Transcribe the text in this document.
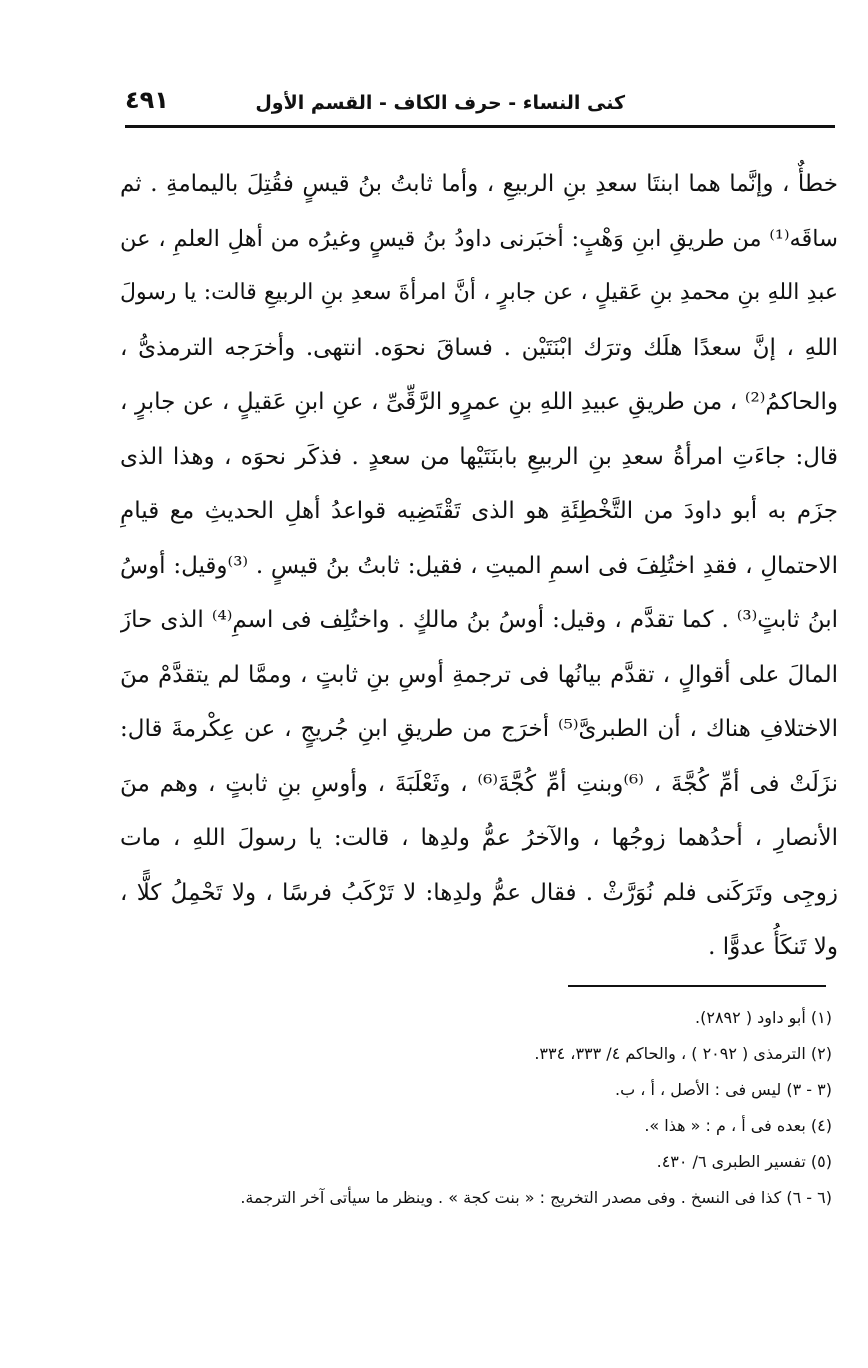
كنى النساء - حرف الكاف - القسم الأول
٤٩١
خطأٌ ، وإنَّما هما ابنتَا سعدِ بنِ الربيعِ ، وأما ثابتُ بنُ قيسٍ فقُتِلَ باليمامةِ . ثم
ساقَه⁽¹⁾ من طريقِ ابنِ وَهْبٍ: أخبَرنى داودُ بنُ قيسٍ وغيرُه من أهلِ العلمِ ، عن
عبدِ اللهِ بنِ محمدِ بنِ عَقيلٍ ، عن جابرٍ ، أنَّ امرأةَ سعدِ بنِ الربيعِ قالت: يا رسولَ
اللهِ ، إنَّ سعدًا هلَك وترَك ابْنَتَيْن . فساقَ نحوَه. انتهى. وأخرَجه الترمذىُّ ،
والحاكمُ⁽²⁾ ، من طريقِ عبيدِ اللهِ بنِ عمرٍو الرَّقِّىِّ ، عنِ ابنِ عَقيلٍ ، عن جابرٍ ،
قال: جاءَتِ امرأةُ سعدِ بنِ الربيعِ بابنَتَيْها من سعدٍ . فذكَر نحوَه ، وهذا الذى
جزَم به أبو داودَ من التَّخْطِئَةِ هو الذى تَقْتَضِيه قواعدُ أهلِ الحديثِ مع قيامِ
الاحتمالِ ، فقدِ اختُلِفَ فى اسمِ الميتِ ، فقيل: ثابتُ بنُ قيسٍ . ⁽³⁾وقيل: أوسُ
ابنُ ثابتٍ⁽³⁾ . كما تقدَّم ، وقيل: أوسُ بنُ مالكٍ . واختُلِف فى اسمِ⁽⁴⁾ الذى حازَ
المالَ على أقوالٍ ، تقدَّم بيانُها فى ترجمةِ أوسِ بنِ ثابتٍ ، وممَّا لم يتقدَّمْ منَ
الاختلافِ هناك ، أن الطبرىَّ⁽⁵⁾ أخرَج من طريقِ ابنِ جُريجٍ ، عن عِكْرمةَ قال:
نزَلَتْ فى أمِّ كُجَّةَ ، ⁽⁶⁾وبنتِ أمِّ كُجَّةَ⁽⁶⁾ ، وثَعْلَبَةَ ، وأوسِ بنِ ثابتٍ ، وهم منَ
الأنصارِ ، أحدُهما زوجُها ، والآخرُ عمُّ ولدِها ، قالت: يا رسولَ اللهِ ، مات
زوجِى وتَرَكَنى فلم نُوَرَّثْ . فقال عمُّ ولدِها: لا تَرْكَبُ فرسًا ، ولا تَحْمِلُ كلًّا ،
ولا تَنكَأُ عدوًّا .
(١) أبو داود ( ٢٨٩٢).
(٢) الترمذى ( ٢٠٩٢ ) ، والحاكم ٤/ ٣٣٣، ٣٣٤.
(٣ - ٣) ليس فى : الأصل ، أ ، ب.
(٤) بعده فى أ ، م : « هذا ».
(٥) تفسير الطبرى ٦/ ٤٣٠.
(٦ - ٦) كذا فى النسخ . وفى مصدر التخريج : « بنت كجة » . وينظر ما سيأتى آخر الترجمة.
